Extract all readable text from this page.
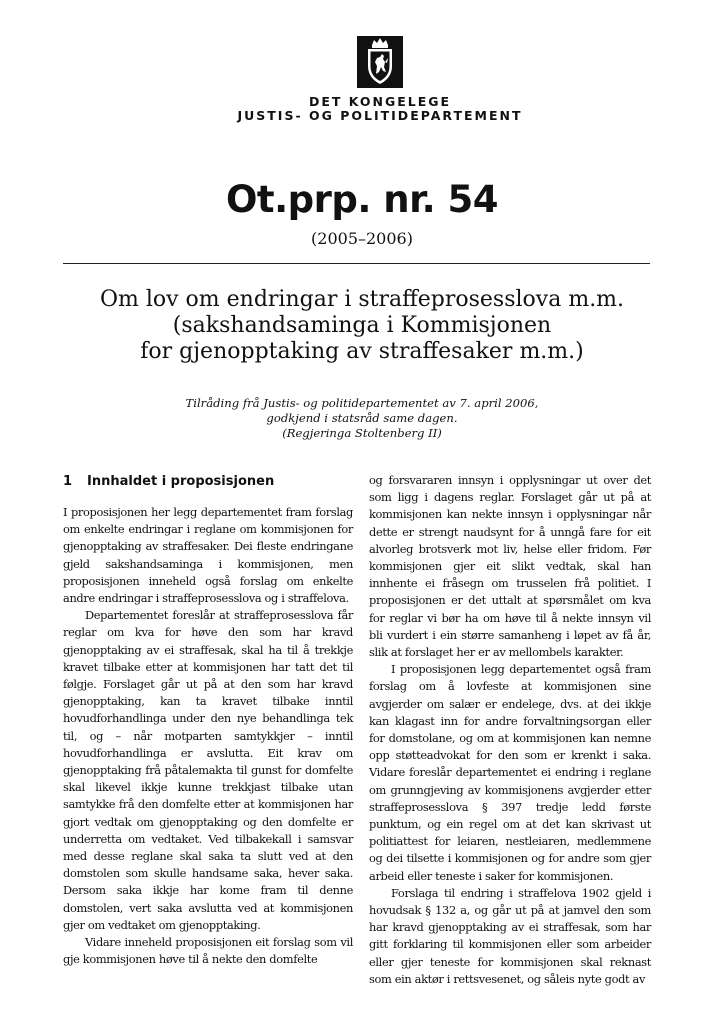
DET KONGELEGE
JUSTIS- OG POLITIDEPARTEMENT
Ot.prp. nr. 54
(2005–2006)
Om lov om endringar i straffeprosesslova m.m.
(sakshandsaminga i Kommisjonen
for gjenopptaking av straffesaker m.m.)
Tilråding frå Justis- og politidepartementet av 7. april 2006,
godkjend i statsråd same dagen.
(Regjeringa Stoltenberg II)
1 Innhaldet i proposisjonen

I proposisjonen her legg departementet fram forslag om enkelte endringar i reglane om kommisjonen for gjenopptaking av straffesaker. Dei fleste endringane gjeld sakshandsaminga i kommisjonen, men proposisjonen inneheld også forslag om enkelte andre endringar i straffeprosesslova og i straffelova.

Departementet foreslår at straffeprosesslova får reglar om kva for høve den som har kravd gjenopptaking av ei straffesak, skal ha til å trekkje kravet tilbake etter at kommisjonen har tatt det til følgje. Forslaget går ut på at den som har kravd gjenopptaking, kan ta kravet tilbake inntil hovudforhandlinga under den nye behandlinga tek til, og – når motparten samtykkjer – inntil hovudforhandlinga er avslutta. Eit krav om gjenopptaking frå påtalemakta til gunst for domfelte skal likevel ikkje kunne trekkjast tilbake utan samtykke frå den domfelte etter at kommisjonen har gjort vedtak om gjenopptaking og den domfelte er underretta om vedtaket. Ved tilbakekall i samsvar med desse reglane skal saka ta slutt ved at den domstolen som skulle handsame saka, hever saka. Dersom saka ikkje har kome fram til denne domstolen, vert saka avslutta ved at kommisjonen gjer om vedtaket om gjenopptaking.

Vidare inneheld proposisjonen eit forslag som vil gje kommisjonen høve til å nekte den domfelte

og forsvararen innsyn i opplysningar ut over det som ligg i dagens reglar. Forslaget går ut på at kommisjonen kan nekte innsyn i opplysningar når dette er strengt naudsynt for å unngå fare for eit alvorleg brotsverk mot liv, helse eller fridom. Før kommisjonen gjer eit slikt vedtak, skal han innhente ei fråsegn om trusselen frå politiet. I proposisjonen er det uttalt at spørsmålet om kva for reglar vi bør ha om høve til å nekte innsyn vil bli vurdert i ein større samanheng i løpet av få år, slik at forslaget her er av mellombels karakter.

I proposisjonen legg departementet også fram forslag om å lovfeste at kommisjonen sine avgjerder om salær er endelege, dvs. at dei ikkje kan klagast inn for andre forvaltningsorgan eller for domstolane, og om at kommisjonen kan nemne opp støtteadvokat for den som er krenkt i saka. Vidare foreslår departementet ei endring i reglane om grunngjeving av kommisjonens avgjerder etter straffeprosesslova § 397 tredje ledd første punktum, og ein regel om at det kan skrivast ut politiattest for leiaren, nestleiaren, medlemmene og dei tilsette i kommisjonen og for andre som gjer arbeid eller teneste i saker for kommisjonen.

Forslaga til endring i straffelova 1902 gjeld i hovudsak § 132 a, og går ut på at jamvel den som har kravd gjenopptaking av ei straffesak, som har gitt forklaring til kommisjonen eller som arbeider eller gjer teneste for kommisjonen skal reknast som ein aktør i rettsvesenet, og såleis nyte godt av
